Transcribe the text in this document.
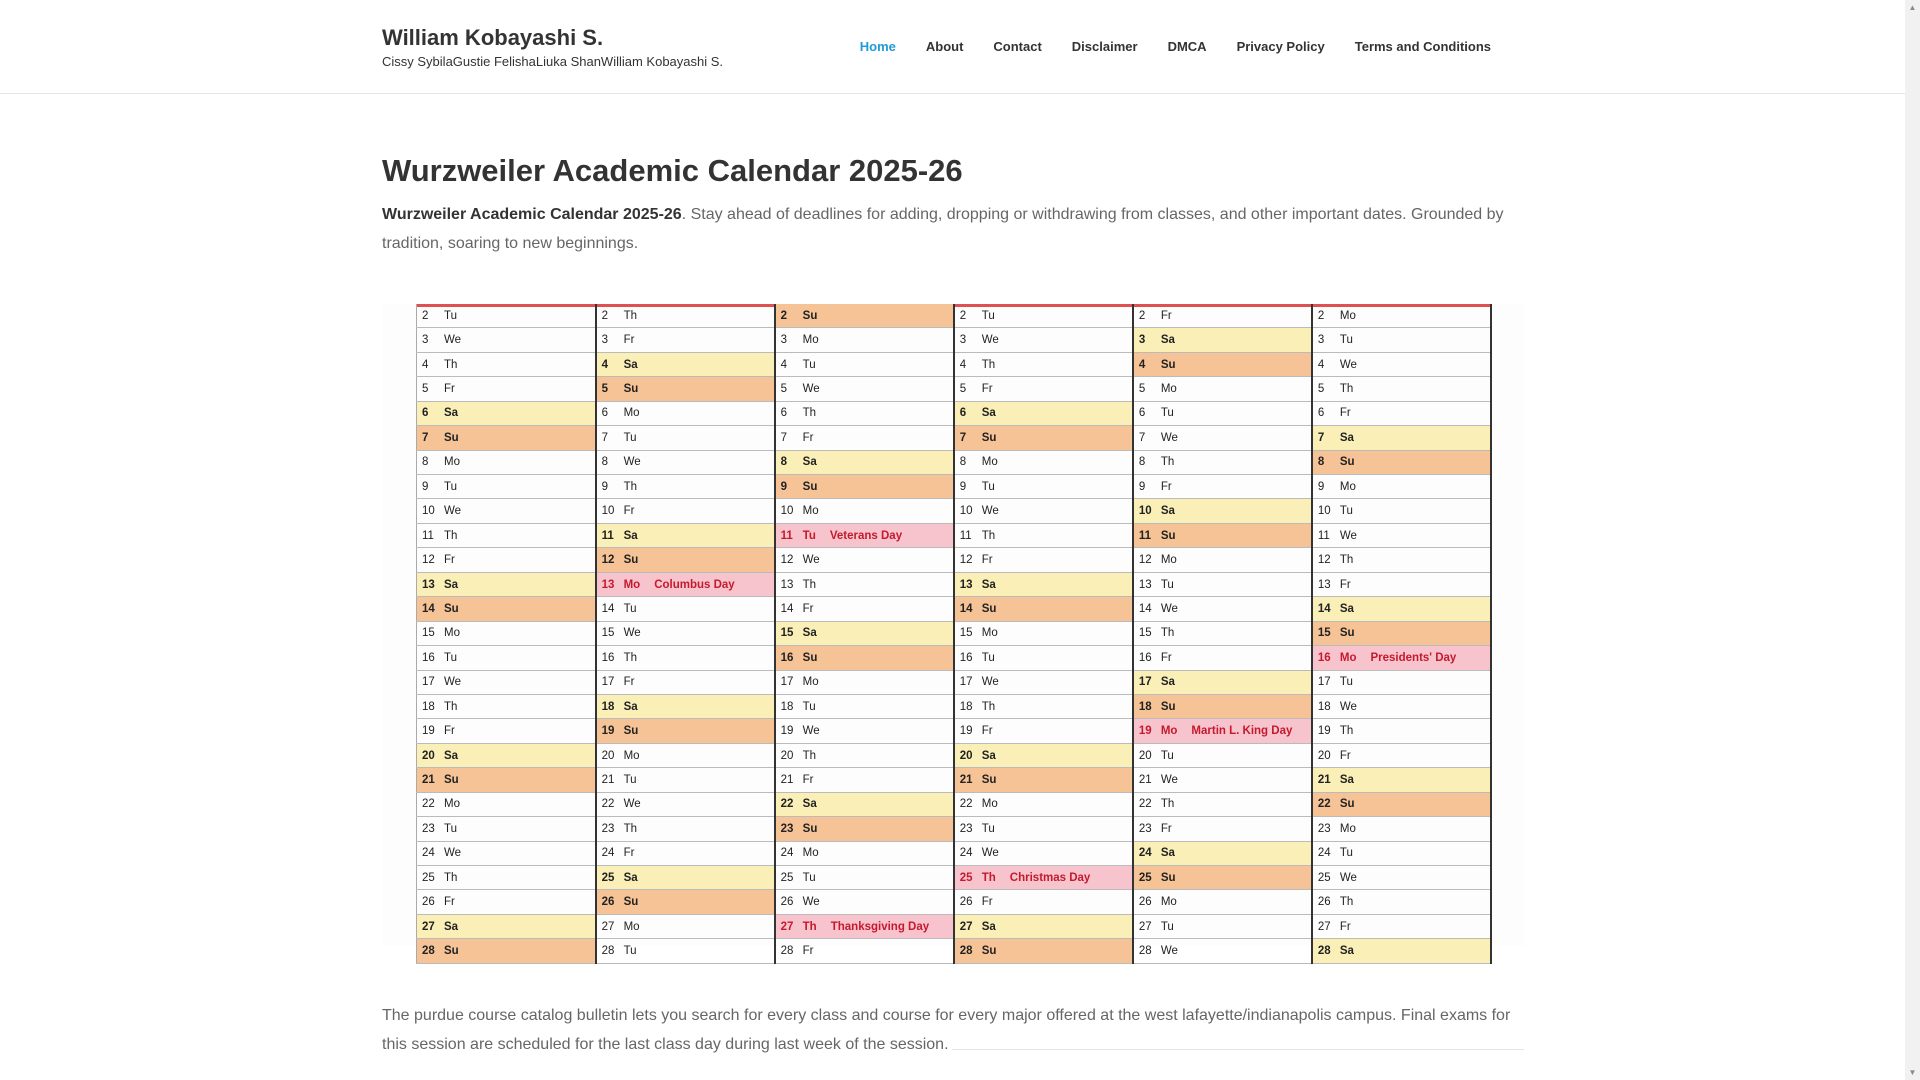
William Kobayashi S.
Cissy SybilaGustie FelishaLiuka ShanWilliam Kobayashi S.
Home	About	Contact	Disclaimer	DMCA	Privacy Policy	Terms and Conditions
▲
▼
Wurzweiler Academic Calendar 2025-26

Wurzweiler Academic Calendar 2025-26. Stay ahead of deadlines for adding, dropping or withdrawing from classes, and other important dates. Grounded by tradition, soaring to new beginnings.

2 Tu	2 Th	2 Su	2 Tu	2 Fr	2 Mo
3 We	3 Fr	3 Mo	3 We	3 Sa	3 Tu
4 Th	4 Sa	4 Tu	4 Th	4 Su	4 We
5 Fr	5 Su	5 We	5 Fr	5 Mo	5 Th
6 Sa	6 Mo	6 Th	6 Sa	6 Tu	6 Fr
7 Su	7 Tu	7 Fr	7 Su	7 We	7 Sa
8 Mo	8 We	8 Sa	8 Mo	8 Th	8 Su
9 Tu	9 Th	9 Su	9 Tu	9 Fr	9 Mo
10 We	10 Fr	10 Mo	10 We	10 Sa	10 Tu
11 Th	11 Sa	11 Tu Veterans Day	11 Th	11 Su	11 We
12 Fr	12 Su	12 We	12 Fr	12 Mo	12 Th
13 Sa	13 Mo Columbus Day	13 Th	13 Sa	13 Tu	13 Fr
14 Su	14 Tu	14 Fr	14 Su	14 We	14 Sa
15 Mo	15 We	15 Sa	15 Mo	15 Th	15 Su
16 Tu	16 Th	16 Su	16 Tu	16 Fr	16 Mo Presidents' Day
17 We	17 Fr	17 Mo	17 We	17 Sa	17 Tu
18 Th	18 Sa	18 Tu	18 Th	18 Su	18 We
19 Fr	19 Su	19 We	19 Fr	19 Mo Martin L. King Day	19 Th
20 Sa	20 Mo	20 Th	20 Sa	20 Tu	20 Fr
21 Su	21 Tu	21 Fr	21 Su	21 We	21 Sa
22 Mo	22 We	22 Sa	22 Mo	22 Th	22 Su
23 Tu	23 Th	23 Su	23 Tu	23 Fr	23 Mo
24 We	24 Fr	24 Mo	24 We	24 Sa	24 Tu
25 Th	25 Sa	25 Tu	25 Th Christmas Day	25 Su	25 We
26 Fr	26 Su	26 We	26 Fr	26 Mo	26 Th
27 Sa	27 Mo	27 Th Thanksgiving Day	27 Sa	27 Tu	27 Fr
28 Su	28 Tu	28 Fr	28 Su	28 We	28 Sa

The purdue course catalog bulletin lets you search for every class and course for every major offered at the west lafayette/indianapolis campus. Final exams for this session are scheduled for the last class day during last week of the session.
